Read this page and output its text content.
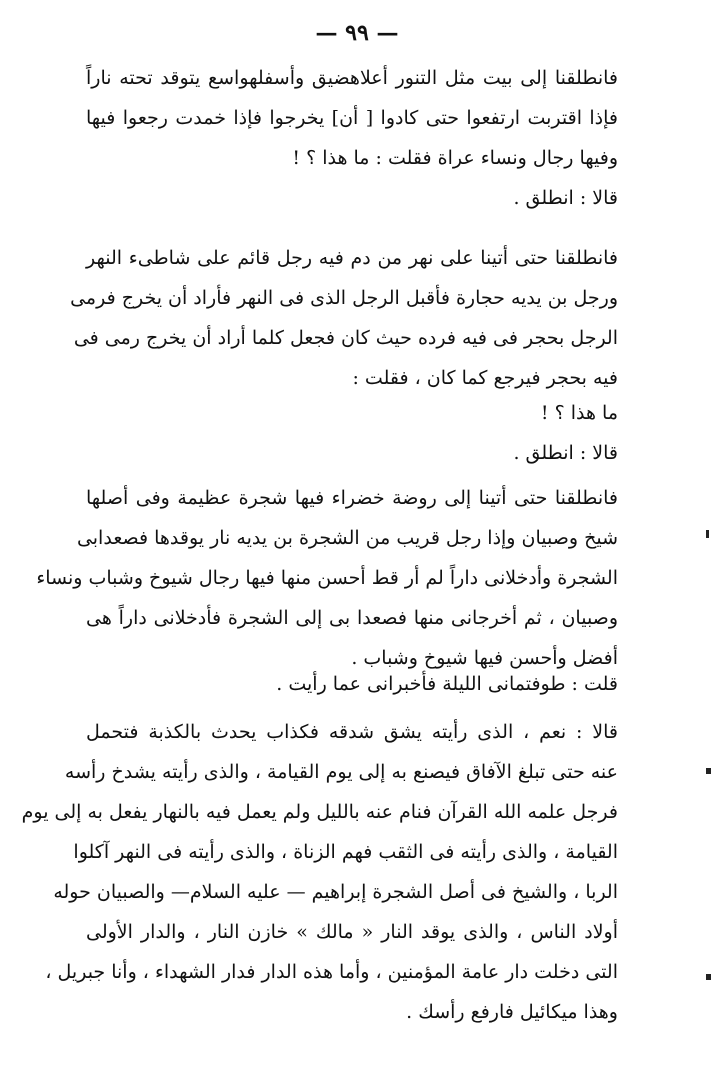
— ٩٩ —
فانطلقنا إلى بيت مثل التنور أعلاهضيق وأسفلهواسع يتوقد تحته ناراً
فإذا اقتربت ارتفعوا حتى كادوا [ أن] يخرجوا فإذا خمدت رجعوا فيها
وفيها رجال ونساء عراة فقلت : ما هذا ؟ !
قالا : انطلق .
فانطلقنا حتى أتينا على نهر من دم فيه رجل قائم على شاطىء النهر
ورجل بن يديه حجارة فأقبل الرجل الذى فى النهر فأراد أن يخرج فرمى
الرجل بحجر فى فيه فرده حيث كان فجعل كلما أراد أن يخرج رمى فى
فيه بحجر فيرجع كما كان ، فقلت :
ما هذا ؟ !
قالا : انطلق .
فانطلقنا حتى أتينا إلى روضة خضراء فيها شجرة عظيمة وفى أصلها
شيخ وصبيان وإذا رجل قريب من الشجرة بن يديه نار يوقدها فصعدابى
الشجرة وأدخلانى داراً لم أر قط أحسن منها فيها رجال شيوخ وشباب ونساء
وصبيان ، ثم أخرجانى منها فصعدا بى إلى الشجرة فأدخلانى داراً هى
أفضل وأحسن فيها شيوخ وشباب .
قلت : طوفتمانى الليلة فأخبرانى عما رأيت .
قالا : نعم ، الذى رأيته يشق شدقه فكذاب يحدث بالكذبة فتحمل
عنه حتى تبلغ الآفاق فيصنع به إلى يوم القيامة ، والذى رأيته يشدخ رأسه
فرجل علمه الله القرآن فنام عنه بالليل ولم يعمل فيه بالنهار يفعل به إلى يوم
القيامة ، والذى رأيته فى الثقب فهم الزناة ، والذى رأيته فى النهر آكلوا
الربا ، والشيخ فى أصل الشجرة إبراهيم — عليه السلام— والصبيان حوله
أولاد الناس ، والذى يوقد النار « مالك » خازن النار ، والدار الأولى
التى دخلت دار عامة المؤمنين ، وأما هذه الدار فدار الشهداء ، وأنا جبريل ،
وهذا ميكائيل فارفع رأسك .
